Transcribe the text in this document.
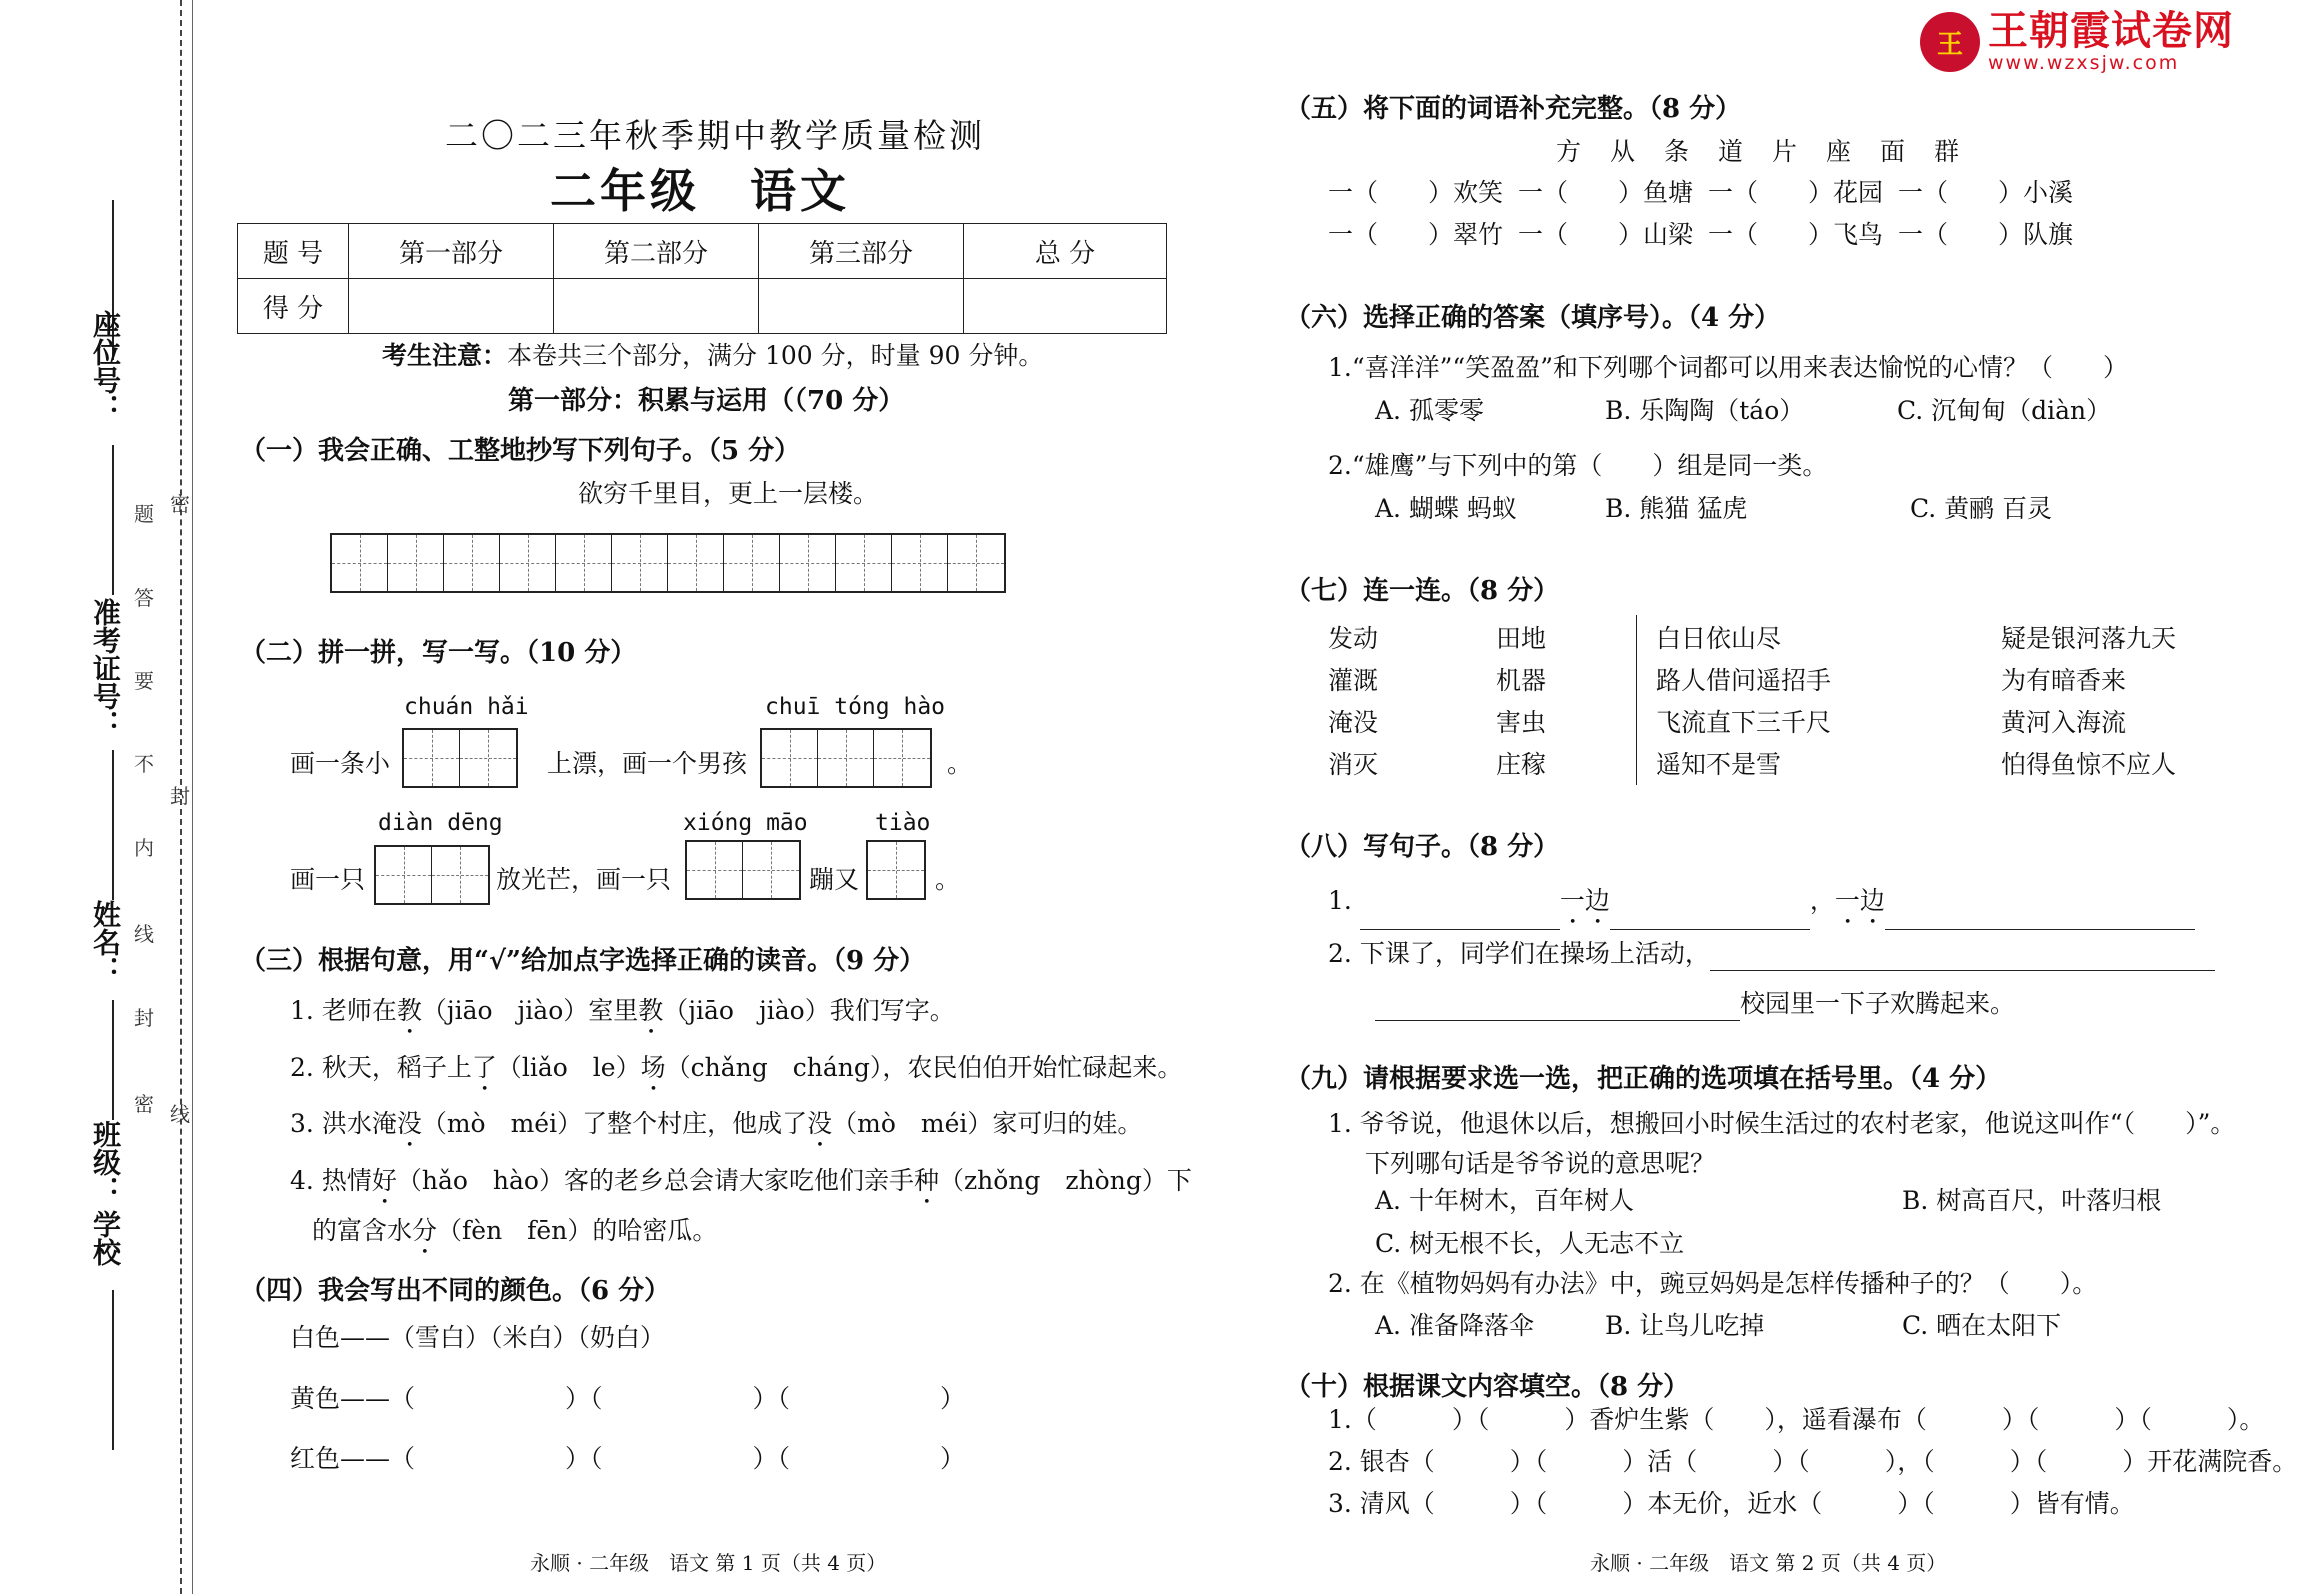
座位号：
准考证号：
姓名：
班级：
学校
密
题
答
要
不
封
内
线
封
密 线
王 王朝霞试卷网
www.wzxsjw.com
二〇二三年秋季期中教学质量检测
二年级　语文
题 号	第一部分	第二部分	第三部分	总 分
得 分				
考生注意：本卷共三个部分，满分 100 分，时量 90 分钟。
第一部分：积累与运用（（70 分）
（一）我会正确、工整地抄写下列句子。（5 分）
欲穷千里目，更上一层楼。
（二）拼一拼，写一写。（10 分）
chuán hǎi	chuī tóng hào
画一条小	上漂，画一个男孩	。
diàn dēng	xióng māo	tiào
画一只	放光芒，画一只	蹦又	。
（三）根据句意，用“√”给加点字选择正确的读音。（9 分）
1. 老师在教（jiāo　jiào）室里教（jiāo　jiào）我们写字。
2. 秋天，稻子上了（liǎo　le）场（chǎng　cháng），农民伯伯开始忙碌起来。
3. 洪水淹没（mò　méi）了整个村庄，他成了没（mò　méi）家可归的娃。
4. 热情好（hǎo　hào）客的老乡总会请大家吃他们亲手种（zhǒng　zhòng）下
的富含水分（fèn　fēn）的哈密瓜。
（四）我会写出不同的颜色。（6 分）
白色——（雪白）（米白）（奶白）
黄色——（	）（	）（	）
红色——（	）（	）（	）
永顺 · 二年级　语文 第 1 页（共 4 页）
（五）将下面的词语补充完整。（8 分）
方　从　条　道　片　座　面　群
一（　　）欢笑 一（　　）鱼塘 一（　　）花园 一（　　）小溪
一（　　）翠竹 一（　　）山梁 一（　　）飞鸟 一（　　）队旗
（六）选择正确的答案（填序号）。（4 分）
1.“喜洋洋”“笑盈盈”和下列哪个词都可以用来表达愉悦的心情？（　　）
A. 孤零零	B. 乐陶陶（táo）	C. 沉甸甸（diàn）
2.“雄鹰”与下列中的第（　　）组是同一类。
A. 蝴蝶 蚂蚁	B. 熊猫 猛虎	C. 黄鹂 百灵
（七）连一连。（8 分）
发动	田地	白日依山尽	疑是银河落九天
灌溉	机器	路人借问遥招手	为有暗香来
淹没	害虫	飞流直下三千尺	黄河入海流
消灭	庄稼	遥知不是雪	怕得鱼惊不应人
（八）写句子。（8 分）
1.	一边	，一边
2. 下课了，同学们在操场上活动，
校园里一下子欢腾起来。
（九）请根据要求选一选，把正确的选项填在括号里。（4 分）
1. 爷爷说，他退休以后，想搬回小时候生活过的农村老家，他说这叫作“（　　）”。
下列哪句话是爷爷说的意思呢？
A. 十年树木，百年树人	B. 树高百尺，叶落归根
C. 树无根不长，人无志不立
2. 在《植物妈妈有办法》中，豌豆妈妈是怎样传播种子的？（　　）。
A. 准备降落伞	B. 让鸟儿吃掉	C. 晒在太阳下
（十）根据课文内容填空。（8 分）
1.（　　　）（　　　）香炉生紫（　　），遥看瀑布（　　　）（　　　）（　　　）。
2. 银杏（　　　）（　　　）活（　　　）（　　　），（　　　）（　　　）开花满院香。
3. 清风（　　　）（　　　）本无价，近水（　　　）（　　　）皆有情。
永顺 · 二年级　语文 第 2 页（共 4 页）
